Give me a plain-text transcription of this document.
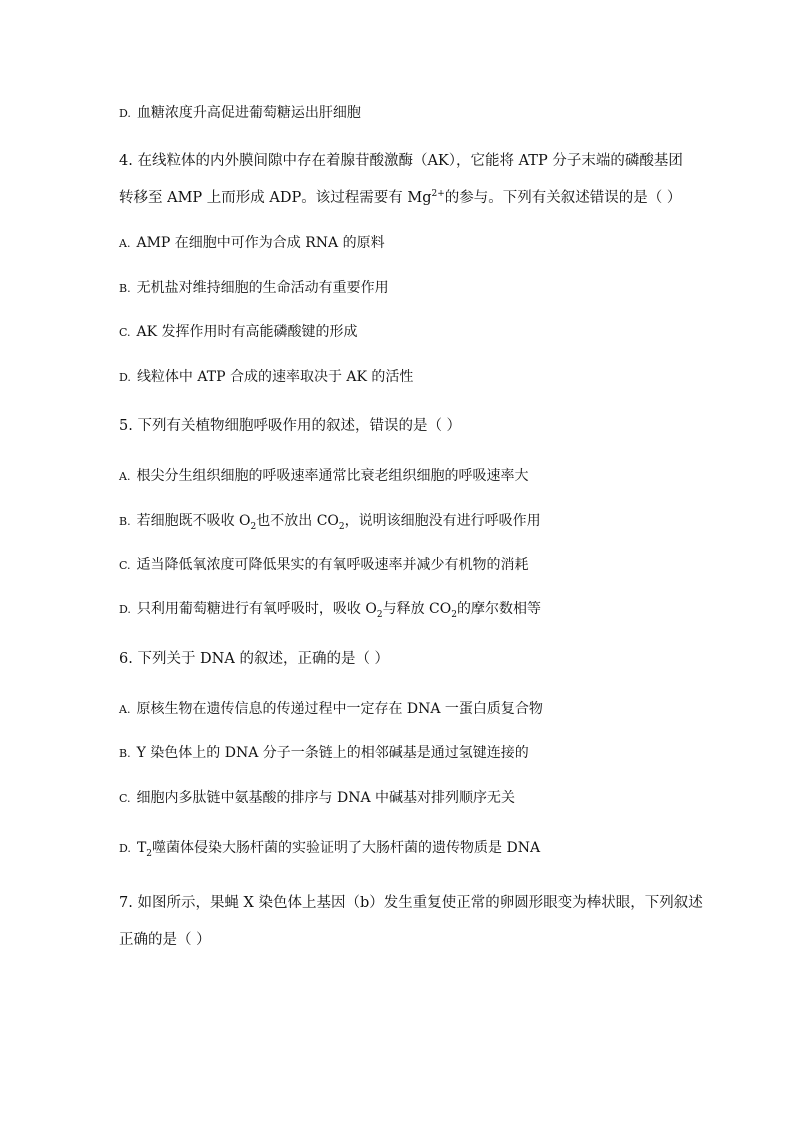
D. 血糖浓度升高促进葡萄糖运出肝细胞
4. 在线粒体的内外膜间隙中存在着腺苷酸激酶（AK），它能将 ATP 分子末端的磷酸基团
转移至 AMP 上而形成 ADP。该过程需要有 $Mg^{2+}$的参与。下列有关叙述错误的是（ ）
A. AMP 在细胞中可作为合成 RNA 的原料
B. 无机盐对维持细胞的生命活动有重要作用
C. AK 发挥作用时有高能磷酸键的形成
D. 线粒体中 ATP 合成的速率取决于 AK 的活性
5. 下列有关植物细胞呼吸作用的叙述，错误的是（ ）
A. 根尖分生组织细胞的呼吸速率通常比衰老组织细胞的呼吸速率大
B. 若细胞既不吸收 $O_2$也不放出 $CO_2$，说明该细胞没有进行呼吸作用
C. 适当降低氧浓度可降低果实的有氧呼吸速率并减少有机物的消耗
D. 只利用葡萄糖进行有氧呼吸时，吸收 $O_2$与释放 $CO_2$的摩尔数相等
6. 下列关于 DNA 的叙述，正确的是（ ）
A. 原核生物在遗传信息的传递过程中一定存在 DNA 一蛋白质复合物
B. Y 染色体上的 DNA 分子一条链上的相邻碱基是通过氢键连接的
C. 细胞内多肽链中氨基酸的排序与 DNA 中碱基对排列顺序无关
D. $T_2$噬菌体侵染大肠杆菌的实验证明了大肠杆菌的遗传物质是 DNA
7. 如图所示，果蝇 X 染色体上基因（b）发生重复使正常的卵圆形眼变为棒状眼，下列叙述
正确的是（ ）
